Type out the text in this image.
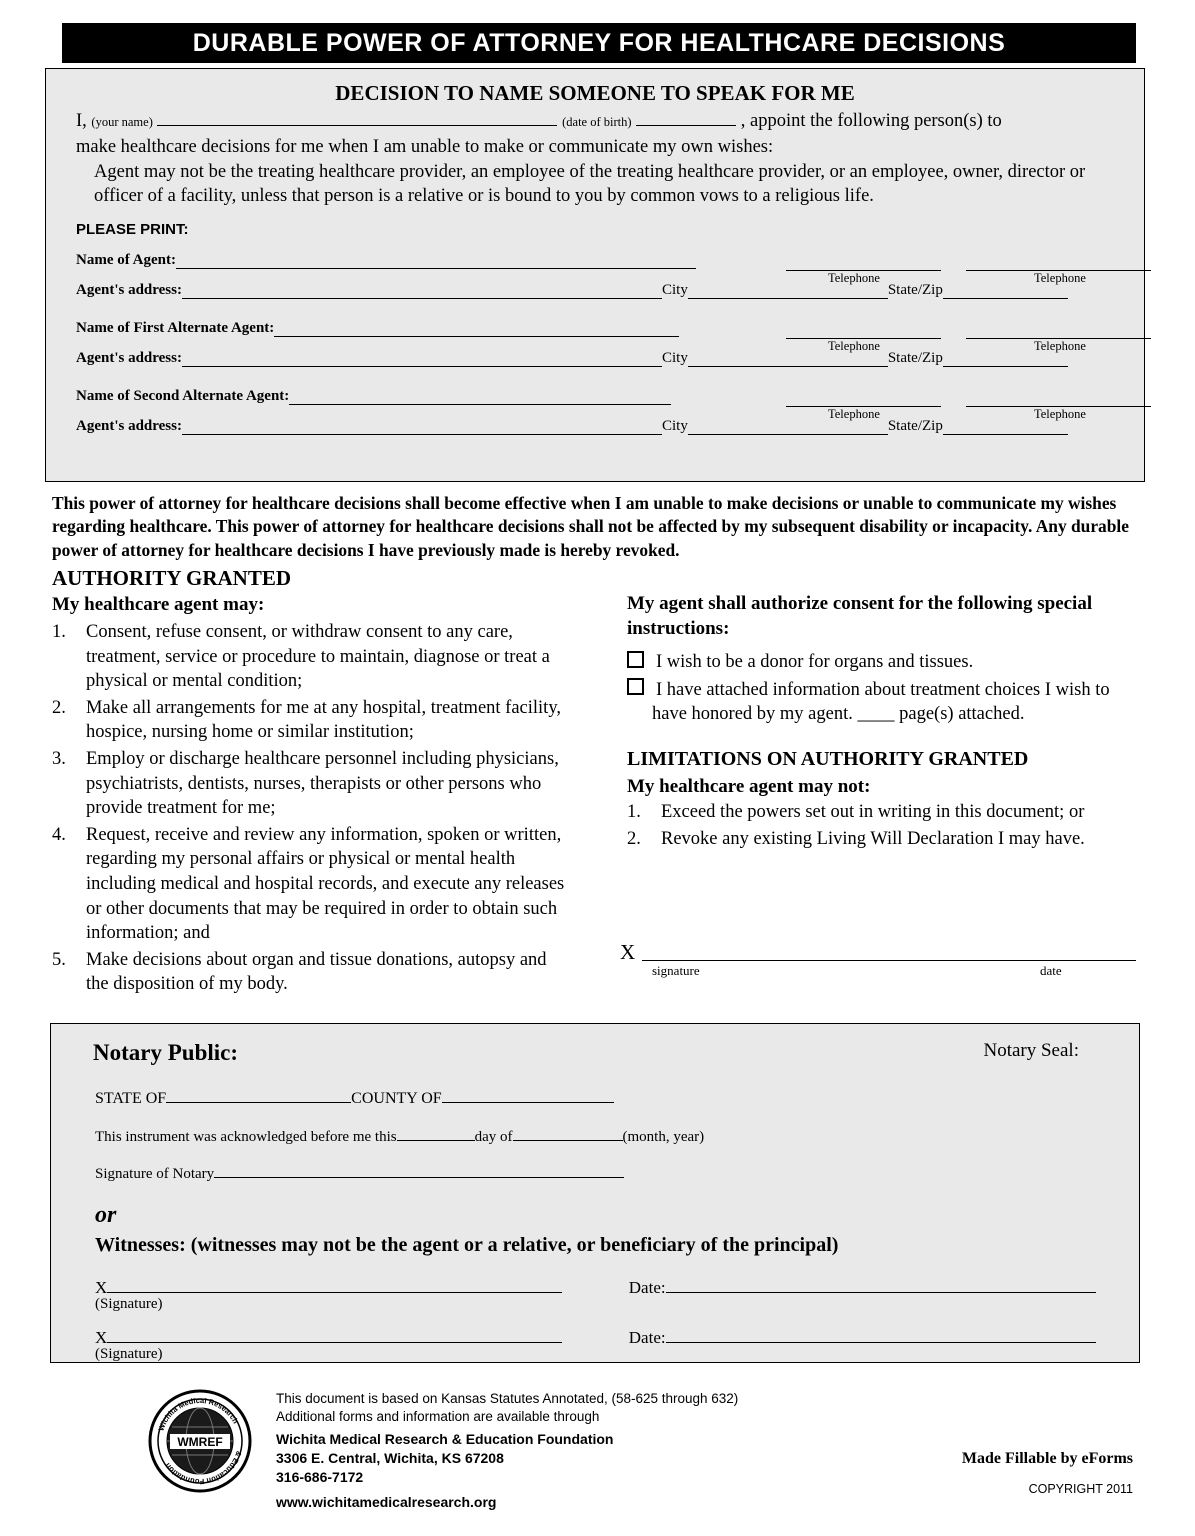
DURABLE POWER OF ATTORNEY FOR HEALTHCARE DECISIONS
DECISION TO NAME SOMEONE TO SPEAK FOR ME
I, (your name)	(date of birth)	, appoint the following person(s) to
make healthcare decisions for me when I am unable to make or communicate my own wishes:
Agent may not be the treating healthcare provider, an employee of the treating healthcare provider, or an employee, owner, director or officer of a facility, unless that person is a relative or is bound to you by common vows to a religious life.
PLEASE PRINT:
Name of Agent:
Telephone	Telephone
Agent's address:	City	State/Zip
Name of First Alternate Agent:
Telephone	Telephone
Agent's address:	City	State/Zip
Name of Second Alternate Agent:
Telephone	Telephone
Agent's address:	City	State/Zip
This power of attorney for healthcare decisions shall become effective when I am unable to make decisions or unable to communicate my wishes regarding healthcare. This power of attorney for healthcare decisions shall not be affected by my subsequent disability or incapacity. Any durable power of attorney for healthcare decisions I have previously made is hereby revoked.
AUTHORITY GRANTED
My healthcare agent may:
1. Consent, refuse consent, or withdraw consent to any care, treatment, service or procedure to maintain, diagnose or treat a physical or mental condition;
2. Make all arrangements for me at any hospital, treatment facility, hospice, nursing home or similar institution;
3. Employ or discharge healthcare personnel including physicians, psychiatrists, dentists, nurses, therapists or other persons who provide treatment for me;
4. Request, receive and review any information, spoken or written, regarding my personal affairs or physical or mental health including medical and hospital records, and execute any releases or other documents that may be required in order to obtain such information; and
5. Make decisions about organ and tissue donations, autopsy and the disposition of my body.
My agent shall authorize consent for the following special instructions:
I wish to be a donor for organs and tissues.
I have attached information about treatment choices I wish to have honored by my agent. ____ page(s) attached.
LIMITATIONS ON AUTHORITY GRANTED
My healthcare agent may not:
1. Exceed the powers set out in writing in this document; or
2. Revoke any existing Living Will Declaration I may have.
X
signature	date
Notary Public:	Notary Seal:
STATE OF	COUNTY OF
This instrument was acknowledged before me this	day of	(month, year)
Signature of Notary
or
Witnesses: (witnesses may not be the agent or a relative, or beneficiary of the principal)
X	Date:
(Signature)
X	Date:
(Signature)
WMREF
Wichita Medical Research
& Education Foundation
This document is based on Kansas Statutes Annotated, (58-625 through 632)
Additional forms and information are available through
Wichita Medical Research & Education Foundation
3306 E. Central, Wichita, KS 67208
316-686-7172
www.wichitamedicalresearch.org
Made Fillable by eForms
COPYRIGHT 2011
